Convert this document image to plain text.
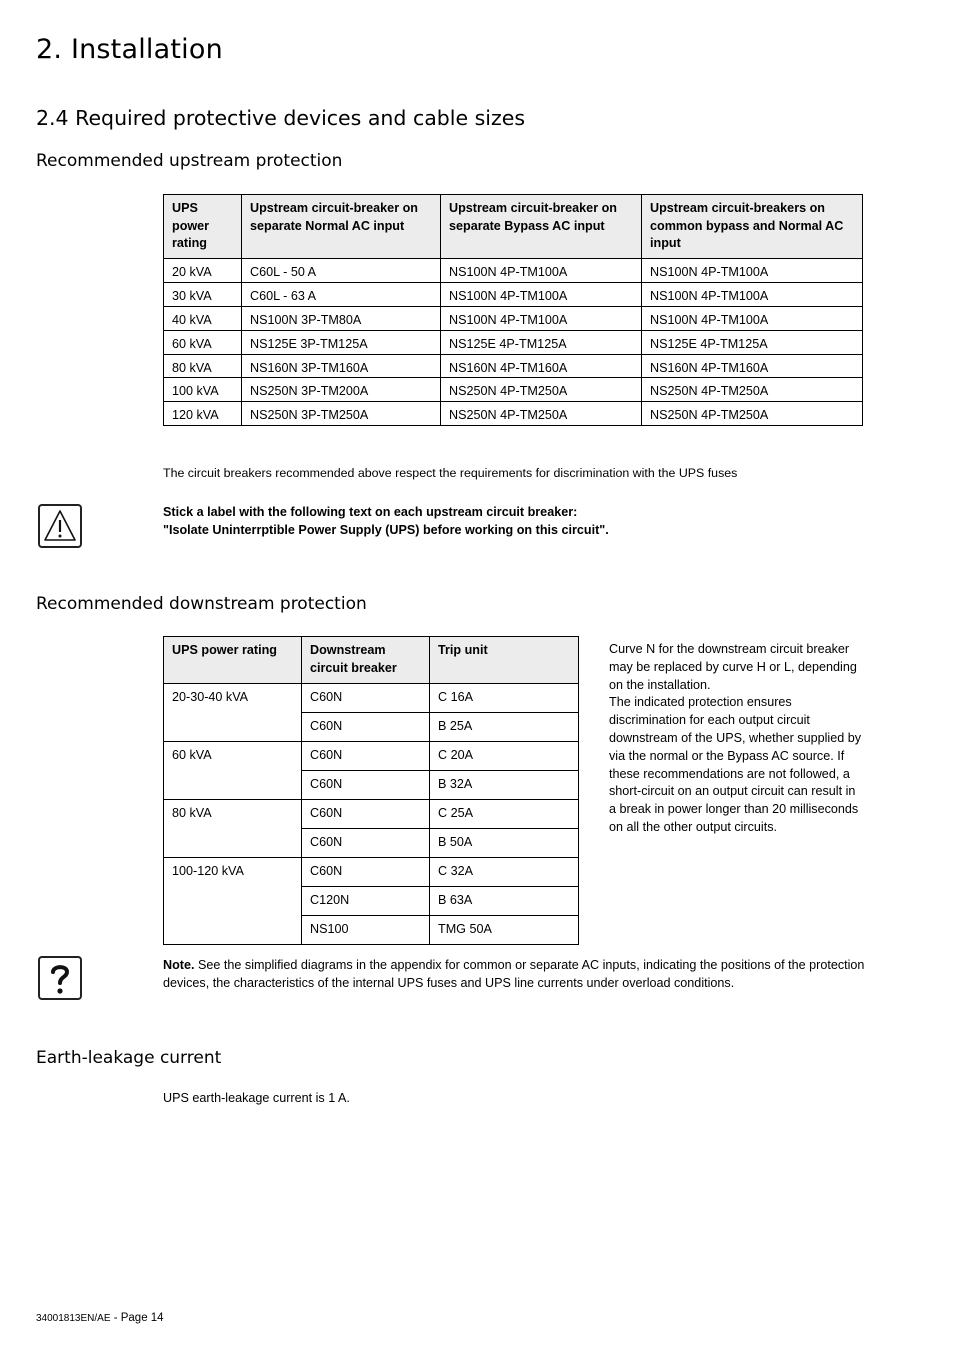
2. Installation
2.4 Required protective devices and cable sizes
Recommended upstream protection
UPS power rating	Upstream circuit-breaker on separate Normal AC input	Upstream circuit-breaker on separate Bypass AC input	Upstream circuit-breakers on common bypass and Normal AC input
20 kVA	C60L - 50 A	NS100N 4P-TM100A	NS100N 4P-TM100A
30 kVA	C60L - 63 A	NS100N 4P-TM100A	NS100N 4P-TM100A
40 kVA	NS100N 3P-TM80A	NS100N 4P-TM100A	NS100N 4P-TM100A
60 kVA	NS125E 3P-TM125A	NS125E 4P-TM125A	NS125E 4P-TM125A
80 kVA	NS160N 3P-TM160A	NS160N 4P-TM160A	NS160N 4P-TM160A
100 kVA	NS250N 3P-TM200A	NS250N 4P-TM250A	NS250N 4P-TM250A
120 kVA	NS250N 3P-TM250A	NS250N 4P-TM250A	NS250N 4P-TM250A
The circuit breakers recommended above respect the requirements for discrimination with the UPS fuses
Stick a label with the following text on each upstream circuit breaker:
"Isolate Uninterrptible Power Supply (UPS) before working on this circuit".
Recommended downstream protection
UPS power rating	Downstream circuit breaker	Trip unit
20-30-40 kVA	C60N	C 16A
	C60N	B 25A
60 kVA	C60N	C 20A
	C60N	B 32A
80 kVA	C60N	C 25A
	C60N	B 50A
100-120 kVA	C60N	C 32A
	C120N	B 63A
	NS100	TMG 50A
Curve N for the downstream circuit breaker may be replaced by curve H or L, depending on the installation.
The indicated protection ensures discrimination for each output circuit downstream of the UPS, whether supplied by via the normal or the Bypass AC source. If these recommendations are not followed, a short-circuit on an output circuit can result in a break in power longer than 20 milliseconds on all the other output circuits.
Note. See the simplified diagrams in the appendix for common or separate AC inputs, indicating the positions of the protection devices, the characteristics of the internal UPS fuses and UPS line currents under overload conditions.
Earth-leakage current
UPS earth-leakage current is 1 A.
34001813EN/AE - Page 14
